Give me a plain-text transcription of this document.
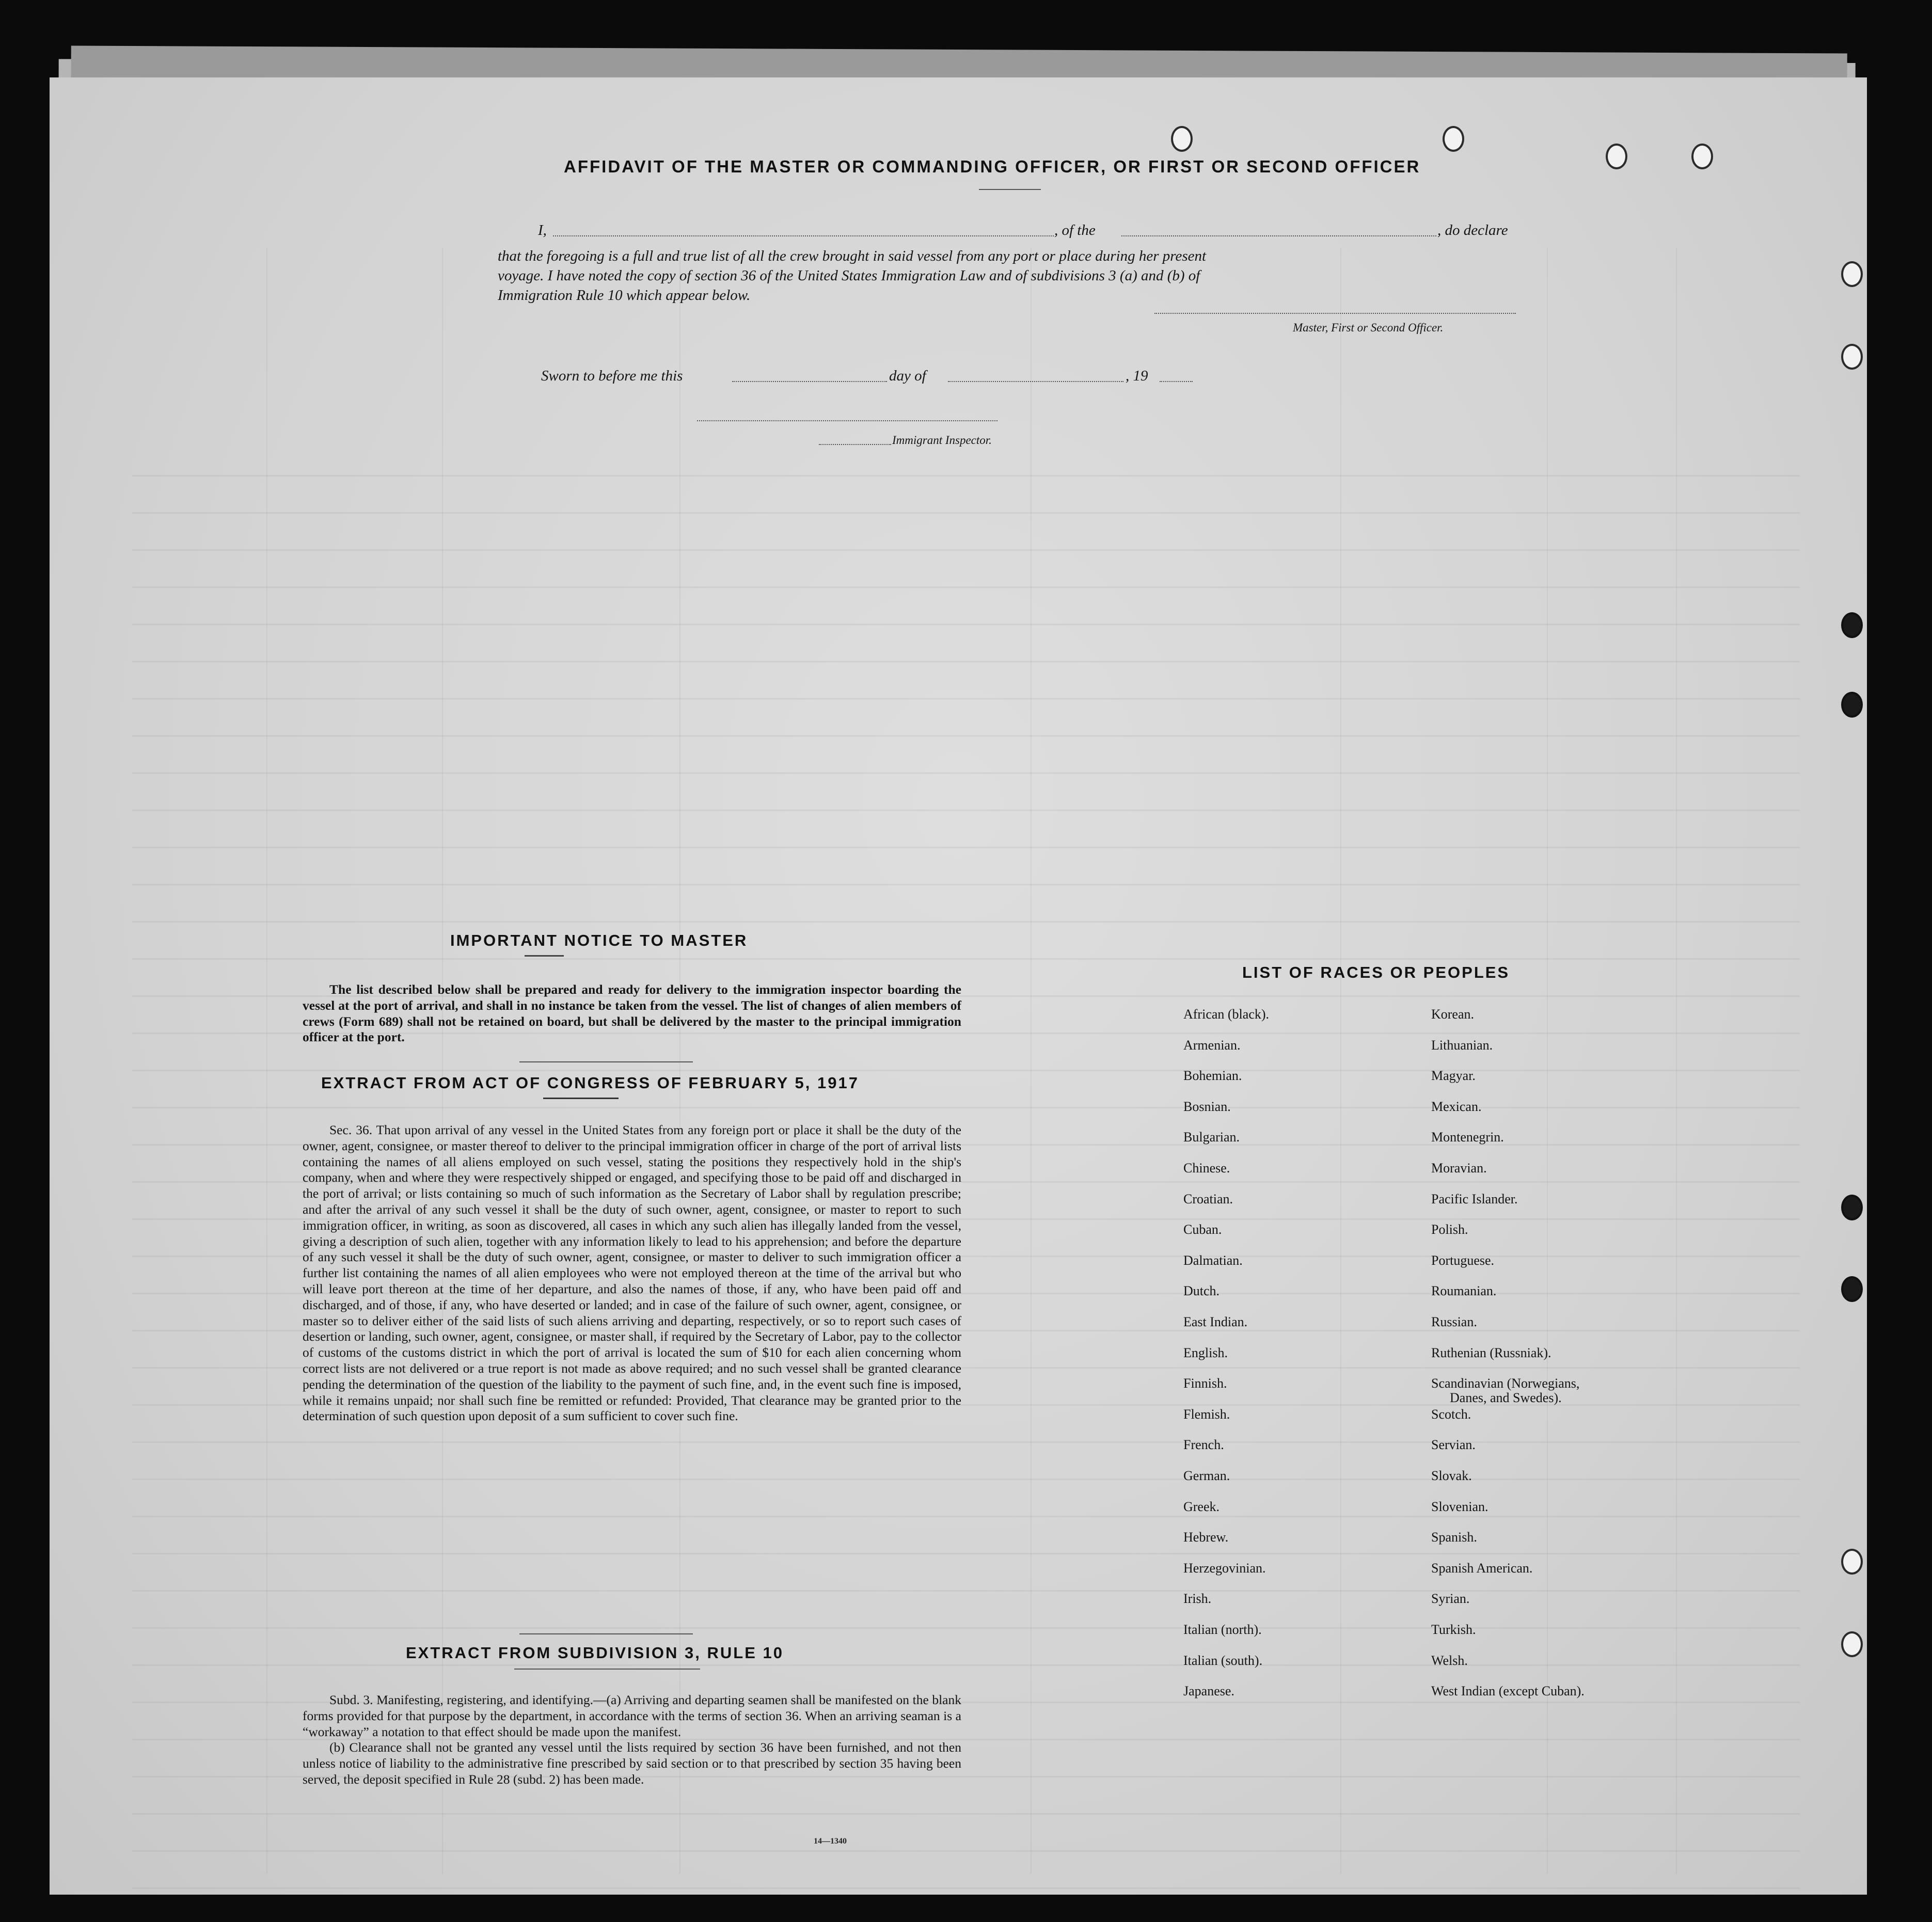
AFFIDAVIT OF THE MASTER OR COMMANDING OFFICER, OR FIRST OR SECOND OFFICER
I,	, of the	, do declare
that the foregoing is a full and true list of all the crew brought in said vessel from any port or place during her present
voyage. I have noted the copy of section 36 of the United States Immigration Law and of subdivisions 3 (a) and (b) of
Immigration Rule 10 which appear below.
Master, First or Second Officer.
Sworn to before me this	day of	, 19
Immigrant Inspector.
IMPORTANT NOTICE TO MASTER

The list described below shall be prepared and ready for delivery to the immigration inspector boarding the vessel at the port of arrival, and shall in no instance be taken from the vessel. The list of changes of alien members of crews (Form 689) shall not be retained on board, but shall be delivered by the master to the principal immigration officer at the port.

EXTRACT FROM ACT OF CONGRESS OF FEBRUARY 5, 1917

Sec. 36. That upon arrival of any vessel in the United States from any foreign port or place it shall be the duty of the owner, agent, consignee, or master thereof to deliver to the principal immigration officer in charge of the port of arrival lists containing the names of all aliens employed on such vessel, stating the positions they respectively hold in the ship's company, when and where they were respectively shipped or engaged, and specifying those to be paid off and discharged in the port of arrival; or lists containing so much of such information as the Secretary of Labor shall by regulation prescribe; and after the arrival of any such vessel it shall be the duty of such owner, agent, consignee, or master to report to such immigration officer, in writing, as soon as discovered, all cases in which any such alien has illegally landed from the vessel, giving a description of such alien, together with any information likely to lead to his apprehension; and before the departure of any such vessel it shall be the duty of such owner, agent, consignee, or master to deliver to such immigration officer a further list containing the names of all alien employees who were not employed thereon at the time of the arrival but who will leave port thereon at the time of her departure, and also the names of those, if any, who have been paid off and discharged, and of those, if any, who have deserted or landed; and in case of the failure of such owner, agent, consignee, or master so to deliver either of the said lists of such aliens arriving and departing, respectively, or so to report such cases of desertion or landing, such owner, agent, consignee, or master shall, if required by the Secretary of Labor, pay to the collector of customs of the customs district in which the port of arrival is located the sum of $10 for each alien concerning whom correct lists are not delivered or a true report is not made as above required; and no such vessel shall be granted clearance pending the determination of the question of the liability to the payment of such fine, and, in the event such fine is imposed, while it remains unpaid; nor shall such fine be remitted or refunded: Provided, That clearance may be granted prior to the determination of such question upon deposit of a sum sufficient to cover such fine.

EXTRACT FROM SUBDIVISION 3, RULE 10

Subd. 3. Manifesting, registering, and identifying.—(a) Arriving and departing seamen shall be manifested on the blank forms provided for that purpose by the department, in accordance with the terms of section 36. When an arriving seaman is a “workaway” a notation to that effect should be made upon the manifest.

(b) Clearance shall not be granted any vessel until the lists required by section 36 have been furnished, and not then unless notice of liability to the administrative fine prescribed by said section or to that prescribed by section 35 having been served, the deposit specified in Rule 28 (subd. 2) has been made.

14—1340
LIST OF RACES OR PEOPLES
African (black).
Armenian.
Bohemian.
Bosnian.
Bulgarian.
Chinese.
Croatian.
Cuban.
Dalmatian.
Dutch.
East Indian.
English.
Finnish.
Flemish.
French.
German.
Greek.
Hebrew.
Herzegovinian.
Irish.
Italian (north).
Italian (south).
Japanese.
Korean.
Lithuanian.
Magyar.
Mexican.
Montenegrin.
Moravian.
Pacific Islander.
Polish.
Portuguese.
Roumanian.
Russian.
Ruthenian (Russniak).
Scandinavian (Norwegians,
Danes, and Swedes).
Scotch.
Servian.
Slovak.
Slovenian.
Spanish.
Spanish American.
Syrian.
Turkish.
Welsh.
West Indian (except Cuban).
